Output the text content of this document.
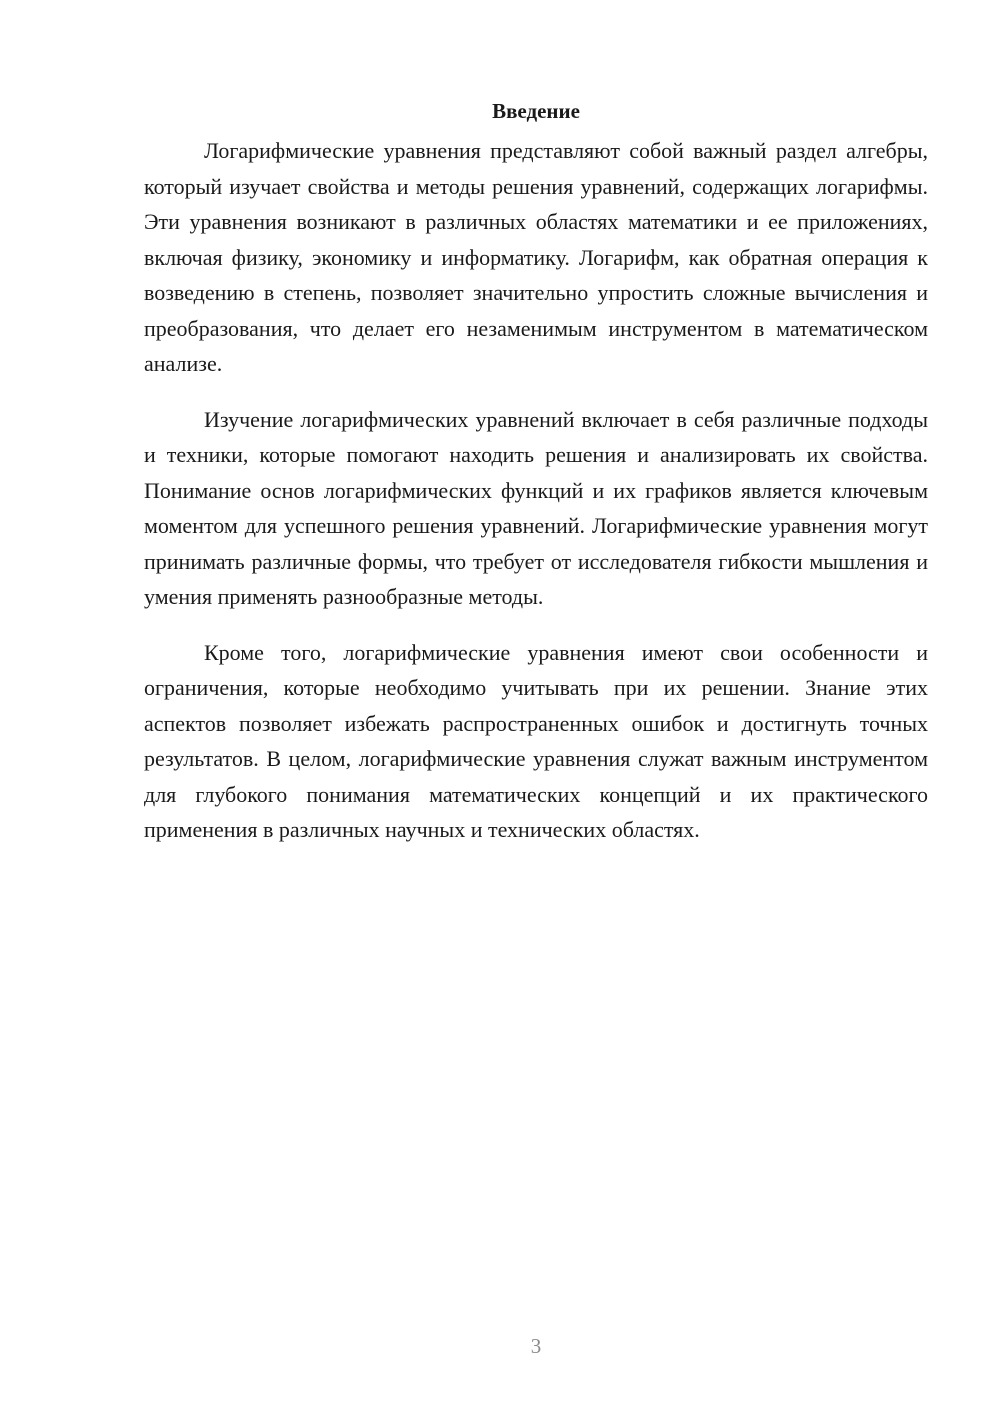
Введение

Логарифмические уравнения представляют собой важный раздел алгебры, который изучает свойства и методы решения уравнений, содержащих логарифмы. Эти уравнения возникают в различных областях математики и ее приложениях, включая физику, экономику и информатику. Логарифм, как обратная операция к возведению в степень, позволяет значительно упростить сложные вычисления и преобразования, что делает его незаменимым инструментом в математическом анализе.

Изучение логарифмических уравнений включает в себя различные подходы и техники, которые помогают находить решения и анализировать их свойства. Понимание основ логарифмических функций и их графиков является ключевым моментом для успешного решения уравнений. Логарифмические уравнения могут принимать различные формы, что требует от исследователя гибкости мышления и умения применять разнообразные методы.

Кроме того, логарифмические уравнения имеют свои особенности и ограничения, которые необходимо учитывать при их решении. Знание этих аспектов позволяет избежать распространенных ошибок и достигнуть точных результатов. В целом, логарифмические уравнения служат важным инструментом для глубокого понимания математических концепций и их практического применения в различных научных и технических областях.

3
